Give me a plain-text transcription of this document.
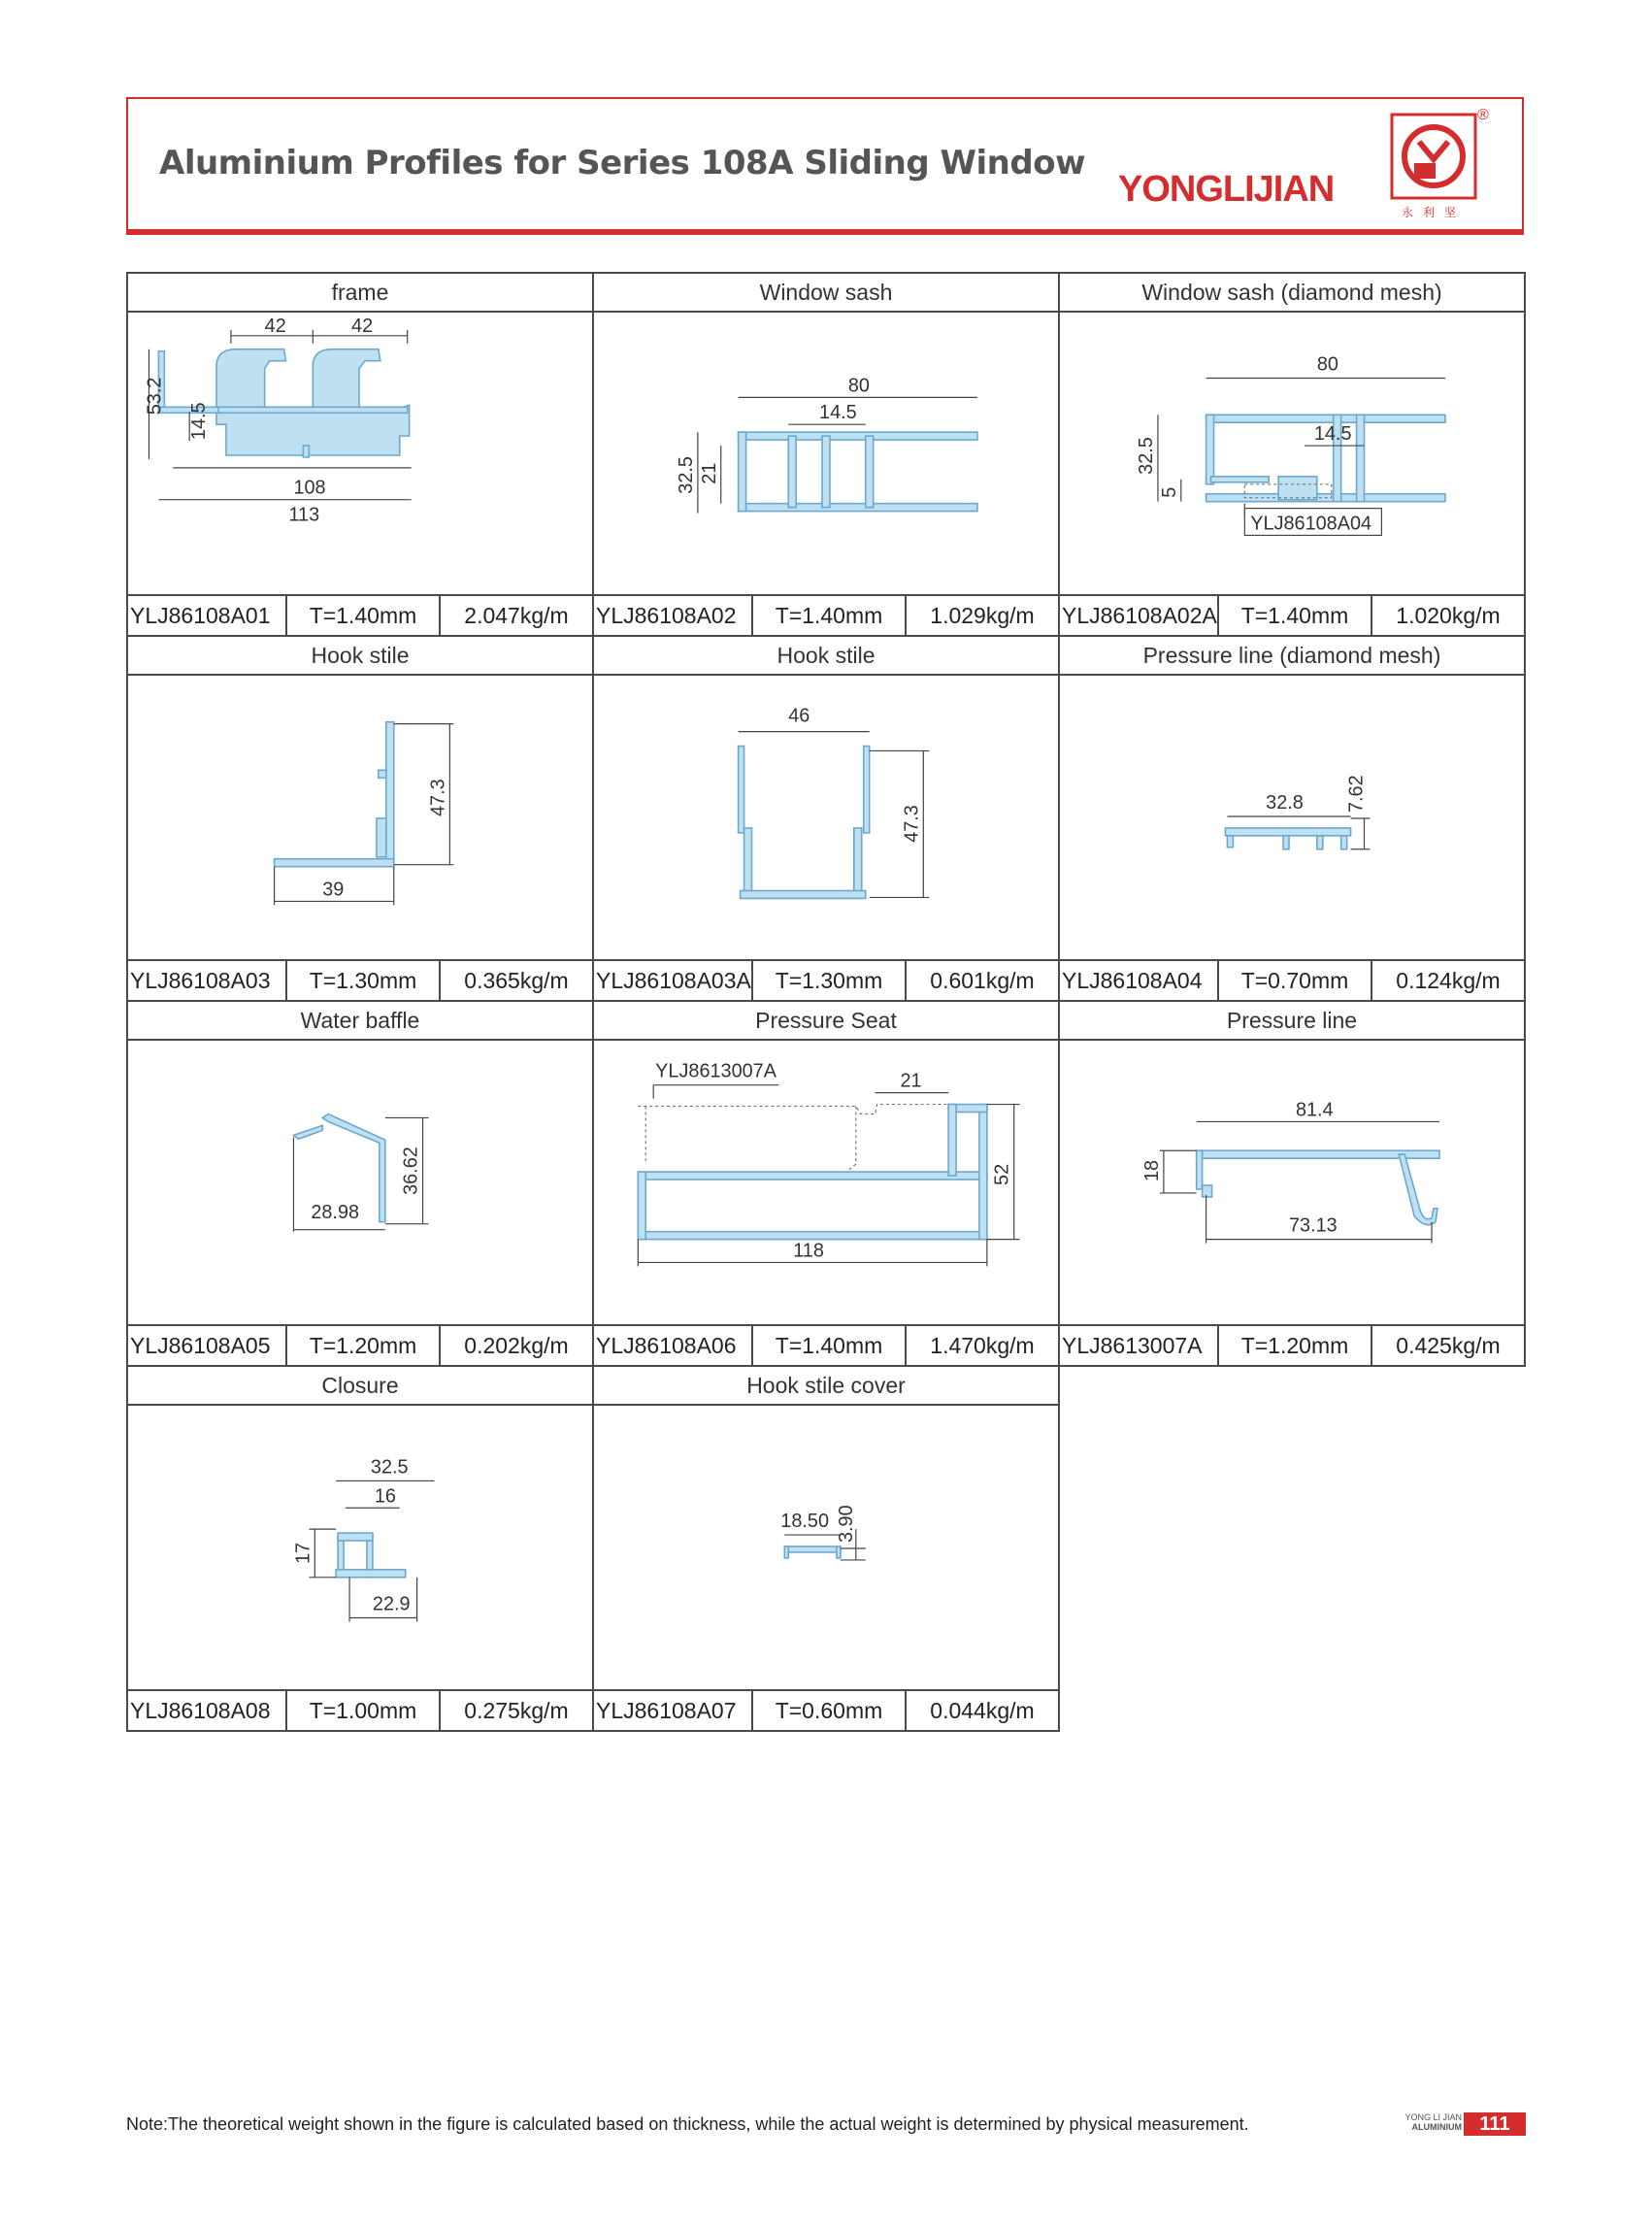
Aluminium Profiles for Series 108A Sliding Window
YONGLIJIAN
永利坚
®
frame
42	42
53.2
14.5
108
113
YLJ86108A01	T=1.40mm	2.047kg/m
Window sash
80
14.5
32.5 21
YLJ86108A02	T=1.40mm	1.029kg/m
Window sash (diamond mesh)
80
14.5
32.5
5
YLJ86108A04
YLJ86108A02A	T=1.40mm	1.020kg/m
Hook stile
47.3
39
YLJ86108A03	T=1.30mm	0.365kg/m
Hook stile
46
47.3
YLJ86108A03A	T=1.30mm	0.601kg/m
Pressure line (diamond mesh)
32.8 7.62
YLJ86108A04	T=0.70mm	0.124kg/m
Water baffle
36.62
28.98
YLJ86108A05	T=1.20mm	0.202kg/m
Pressure Seat
YLJ8613007A	21
52
118
YLJ86108A06	T=1.40mm	1.470kg/m
Pressure line
81.4
18
73.13
YLJ8613007A	T=1.20mm	0.425kg/m
Closure
32.5
16
17
22.9
YLJ86108A08	T=1.00mm	0.275kg/m
Hook stile cover
18.50 3.90
YLJ86108A07	T=0.60mm	0.044kg/m
Note:The theoretical weight shown in the figure is calculated based on thickness, while the actual weight is determined by physical measurement.	YONG LI JIAN
ALUMINIUM 111
